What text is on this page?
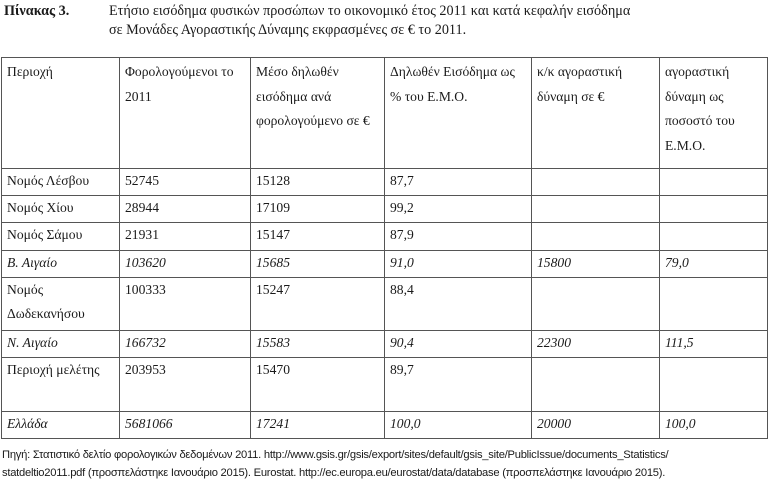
Πίνακας 3.	Ετήσιο εισόδημα φυσικών προσώπων το οικονομικό έτος 2011 και κατά κεφαλήν εισόδημα
σε Μονάδες Αγοραστικής Δύναμης εκφρασμένες σε € το 2011.
Περιοχή	Φορολογούμενοι το 2011	Μέσο δηλωθέν εισόδημα ανά φορολογούμενο σε €	Δηλωθέν Εισόδημα ως % του Ε.Μ.Ο.	κ/κ αγοραστική δύναμη σε €	αγοραστική δύναμη ως ποσοστό του Ε.Μ.Ο.
Νομός Λέσβου	52745	15128	87,7		
Νομός Χίου	28944	17109	99,2		
Νομός Σάμου	21931	15147	87,9		
Β. Αιγαίο	103620	15685	91,0	15800	79,0
Νομός Δωδεκανήσου	100333	15247	88,4		
Ν. Αιγαίο	166732	15583	90,4	22300	111,5
Περιοχή μελέτης	203953	15470	89,7		
Ελλάδα	5681066	17241	100,0	20000	100,0
Πηγή: Στατιστικό δελτίο φορολογικών δεδομένων 2011. http://www.gsis.gr/gsis/export/sites/default/gsis_site/PublicIssue/documents_Statistics/
statdeltio2011.pdf (προσπελάστηκε Ιανουάριο 2015). Eurostat. http://ec.europa.eu/eurostat/data/database (προσπελάστηκε Ιανουάριο 2015).
